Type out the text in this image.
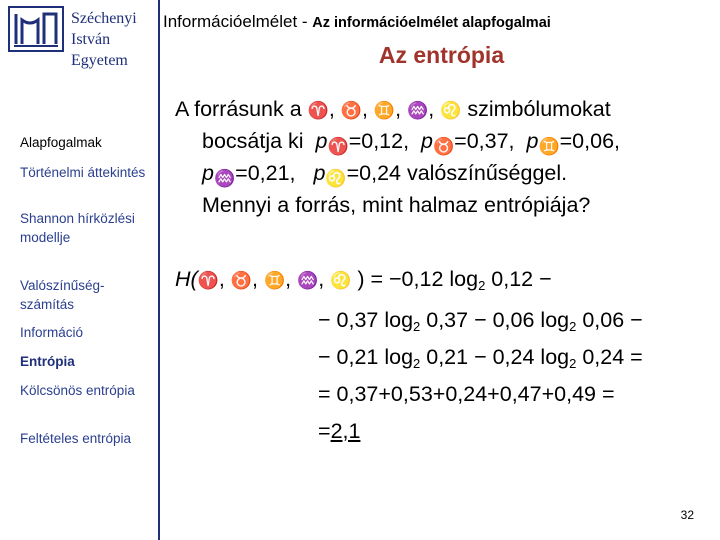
Széchenyi
István
Egyetem
Alapfogalmak
Történelmi áttekintés
Shannon hírközlési modellje
Valószínűség-számítás
Információ
Entrópia
Kölcsönös entrópia
Feltételes entrópia
Információelmélet - Az információelmélet alapfogalmai
Az entrópia
A forrásunk a ♈, ♉, ♊, ♒, ♌ szimbólumokat
bocsátja ki $p_♈=0,12$, $p_♉=0,37$, $p_♊=0,06$,
$p_♒=0,21$, $p_♌=0,24$ valószínűséggel.
Mennyi a forrás, mint halmaz entrópiája?
H(♈, ♉, ♊, ♒, ♌ ) = −0,12 $\log_2 0,12$ −
− 0,37 $\log_2 0,37 - 0,06$ $\log_2 0,06$ −
− 0,21 $\log_2 0,21 - 0,24$ $\log_2 0,24$ =
= 0,37+0,53+0,24+0,47+0,49 =
=2,1
32
